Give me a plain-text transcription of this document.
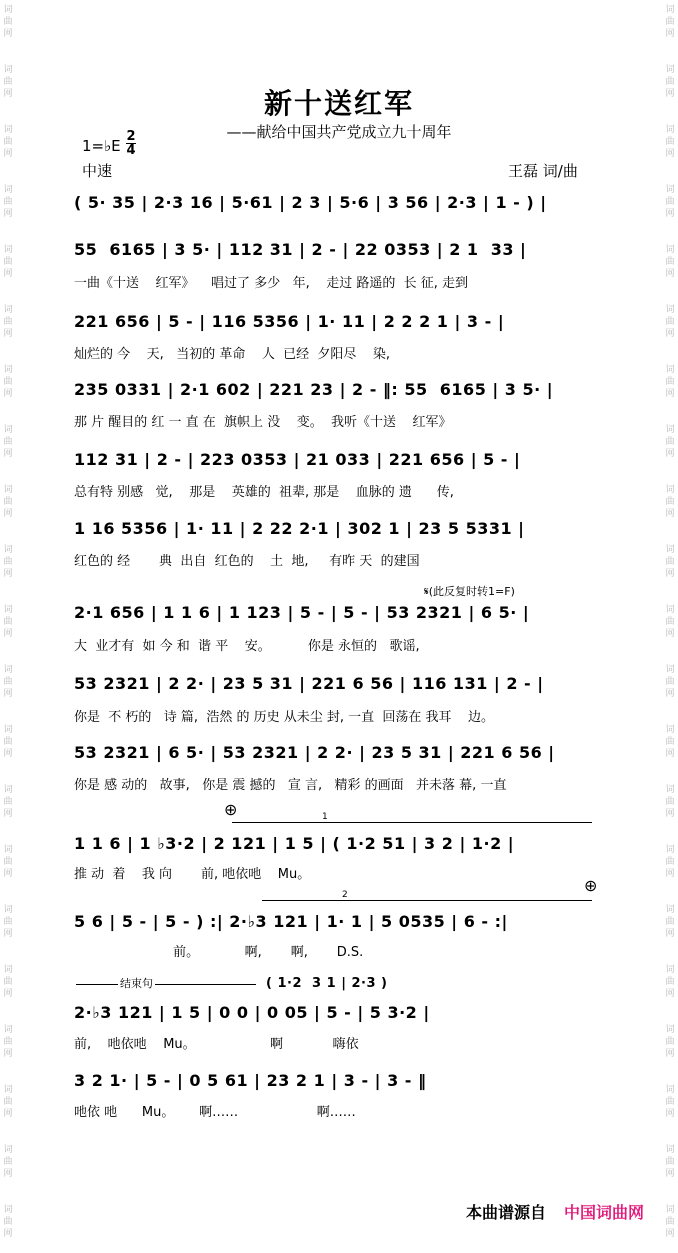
词
曲
网
词
曲
网
词
曲
网
词
曲
网
词
曲
网
词
曲
网
词
曲
网
词
曲
网
词
曲
网
词
曲
网
词
曲
网
词
曲
网
词
曲
网
词
曲
网
词
曲
网
词
曲
网
词
曲
网
词
曲
网
词
曲
网
词
曲
网
词
曲
网
词
曲
网
词
曲
网
词
曲
网
词
曲
网
词
曲
网
词
曲
网
词
曲
网
词
曲
网
词
曲
网
词
曲
网
词
曲
网
词
曲
网
词
曲
网
词
曲
网
词
曲
网
词
曲
网
词
曲
网
词
曲
网
词
曲
网
词
曲
网
词
曲
网
新十送红军
——献给中国共产党成立九十周年
1=♭E
2
4
中速	王磊 词/曲
( 5· 35 | 2·3 16 | 5·61 | 2 3 | 5·6 | 3 56 | 2·3 | 1 - ) |
55  6165 | 3 5· | 112 31 | 2 - | 22 0353 | 2 1  33 |
一曲《十送    红军》    唱过了 多少   年,    走过 路遥的  长 征, 走到
221 656 | 5 - | 116 5356 | 1· 11 | 2 2 2 1 | 3 - |
灿烂的 今    天,   当初的 革命    人  已经  夕阳尽    染,
235 0331 | 2·1 602 | 221 23 | 2 - ‖: 55  6165 | 3 5· |
那 片 醒目的 红 一 直 在  旗帜上 没    变。  我听《十送    红军》
112 31 | 2 - | 223 0353 | 21 033 | 221 656 | 5 - |
总有特 别感   觉,    那是    英雄的  祖辈, 那是    血脉的 遗      传,
1 16 5356 | 1· 11 | 2 22 2·1 | 302 1 | 23 5 5331 |
红色的 经       典  出自  红色的    土  地,     有昨 天  的建国
𝄋(此反复时转1=F)
2·1 656 | 1 1 6 | 1 123 | 5 - | 5 - | 53 2321 | 6 5· |
大  业才有  如 今 和  谐 平    安。         你是 永恒的   歌谣,
53 2321 | 2 2· | 23 5 31 | 221 6 56 | 116 131 | 2 - |
你是  不 朽的   诗 篇,  浩然 的 历史 从未尘 封, 一直  回荡在 我耳    边。
53 2321 | 6 5· | 53 2321 | 2 2· | 23 5 31 | 221 6 56 |
你是 感 动的   故事,   你是 震 撼的   宣 言,   精彩 的画面   并未落 幕, 一直
⊕	1
1 1 6 | 1 ♭3·2 | 2 121 | 1 5 | ( 1·2 51 | 3 2 | 1·2 |
推 动  着    我 向       前, 吔依吔    Mu。
2	⊕
5 6 | 5 - | 5 - ) :| 2·♭3 121 | 1· 1 | 5 0535 | 6 - :|
前。           啊,       啊,       D.S.
结束句	( 1·2  3 1 | 2·3 )
2·♭3 121 | 1 5 | 0 0 | 0 05 | 5 - | 5 3·2 |
前,    吔依吔    Mu。                  啊            嗨依
3 2 1· | 5 - | 0 5 61 | 23 2 1 | 3 - | 3 - ‖
吔依 吔      Mu。      啊……                   啊……
本曲谱源自 中国词曲网
